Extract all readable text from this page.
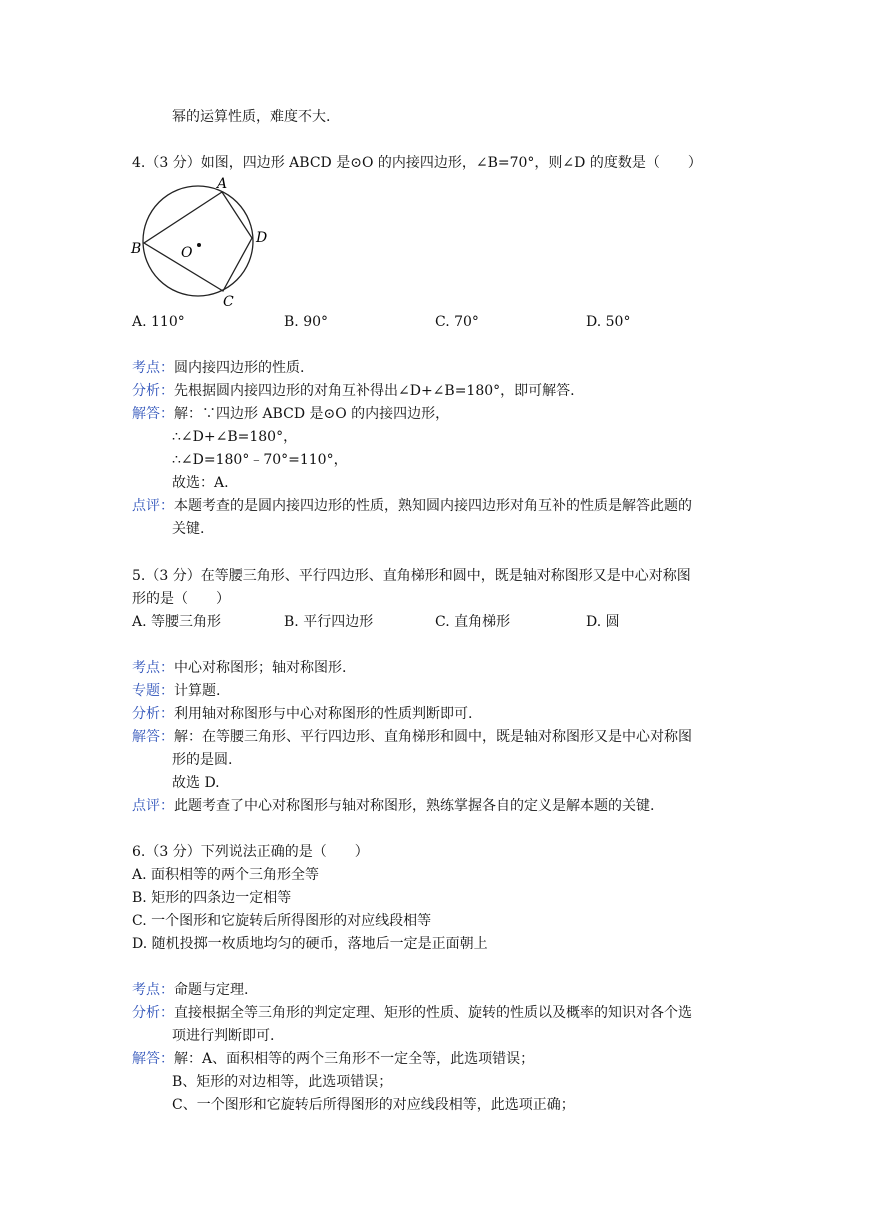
幂的运算性质，难度不大.
4.（3 分）如图，四边形 ABCD 是⊙O 的内接四边形，∠B=70°，则∠D 的度数是（　　）
A
B
C
D
O
A. 110°	B. 90°	C. 70°	D. 50°
考点：圆内接四边形的性质.
分析：先根据圆内接四边形的对角互补得出∠D+∠B=180°，即可解答.
解答：解：∵四边形 ABCD 是⊙O 的内接四边形，
∴∠D+∠B=180°，
∴∠D=180°﹣70°=110°，
故选：A.
点评：本题考查的是圆内接四边形的性质，熟知圆内接四边形对角互补的性质是解答此题的
关键.
5.（3 分）在等腰三角形、平行四边形、直角梯形和圆中，既是轴对称图形又是中心对称图
形的是（　　）
A. 等腰三角形	B. 平行四边形	C. 直角梯形	D. 圆
考点：中心对称图形；轴对称图形.
专题：计算题.
分析：利用轴对称图形与中心对称图形的性质判断即可.
解答：解：在等腰三角形、平行四边形、直角梯形和圆中，既是轴对称图形又是中心对称图
形的是圆.
故选 D.
点评：此题考查了中心对称图形与轴对称图形，熟练掌握各自的定义是解本题的关键.
6.（3 分）下列说法正确的是（　　）
A. 面积相等的两个三角形全等
B. 矩形的四条边一定相等
C. 一个图形和它旋转后所得图形的对应线段相等
D. 随机投掷一枚质地均匀的硬币，落地后一定是正面朝上
考点：命题与定理.
分析：直接根据全等三角形的判定定理、矩形的性质、旋转的性质以及概率的知识对各个选
项进行判断即可.
解答：解：A、面积相等的两个三角形不一定全等，此选项错误；
B、矩形的对边相等，此选项错误；
C、一个图形和它旋转后所得图形的对应线段相等，此选项正确；
